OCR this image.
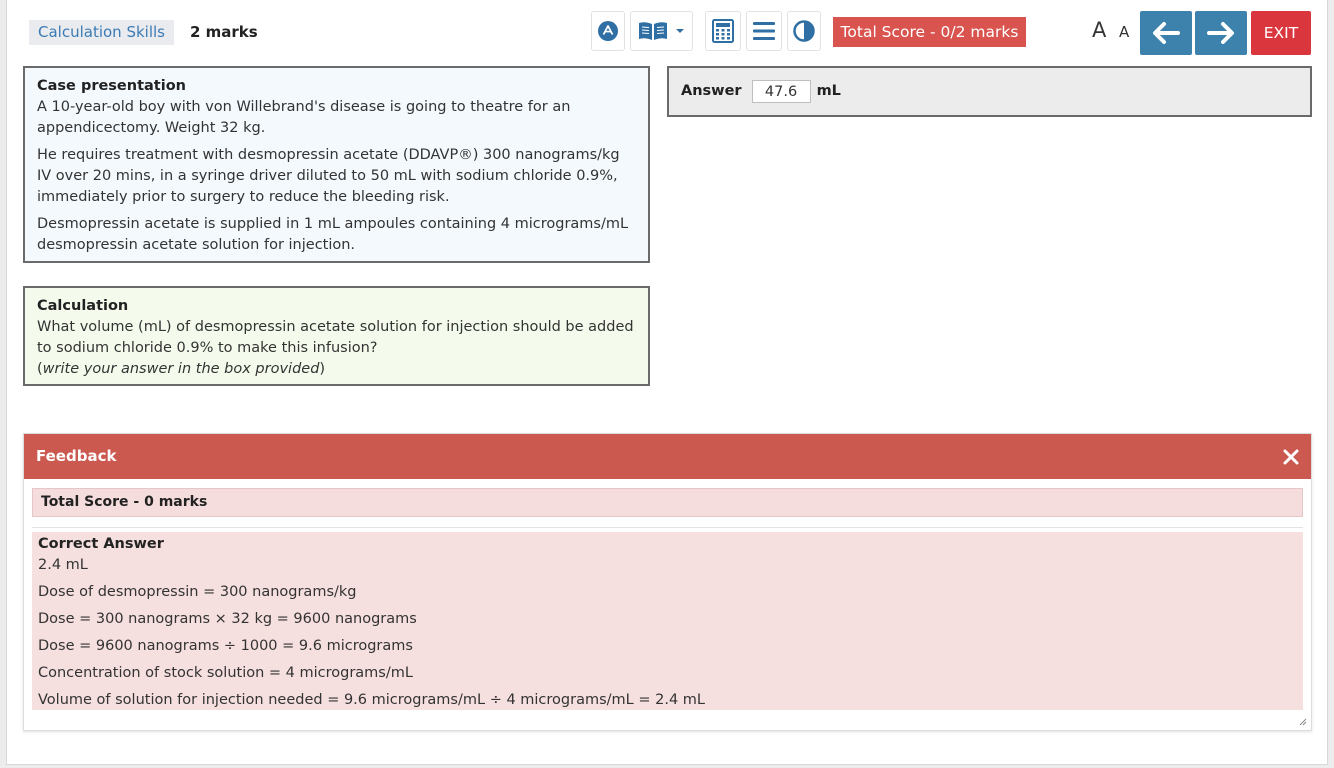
Calculation Skills	2 marks	Total Score - 0/2 marks	A A	EXIT
Case presentation

A 10-year-old boy with von Willebrand's disease is going to theatre for an appendicectomy. Weight 32 kg.

He requires treatment with desmopressin acetate (DDAVP®) 300 nanograms/kg IV over 20 mins, in a syringe driver diluted to 50 mL with sodium chloride 0.9%, immediately prior to surgery to reduce the bleeding risk.

Desmopressin acetate is supplied in 1 mL ampoules containing 4 micrograms/mL desmopressin acetate solution for injection.

Calculation

What volume (mL) of desmopressin acetate solution for injection should be added to sodium chloride 0.9% to make this infusion?

(write your answer in the box provided)

Answer
47.6	mL
Feedback
Total Score - 0 marks
Correct Answer
2.4 mL
Dose of desmopressin = 300 nanograms/kg
Dose = 300 nanograms × 32 kg = 9600 nanograms
Dose = 9600 nanograms ÷ 1000 = 9.6 micrograms
Concentration of stock solution = 4 micrograms/mL
Volume of solution for injection needed = 9.6 micrograms/mL ÷ 4 micrograms/mL = 2.4 mL
